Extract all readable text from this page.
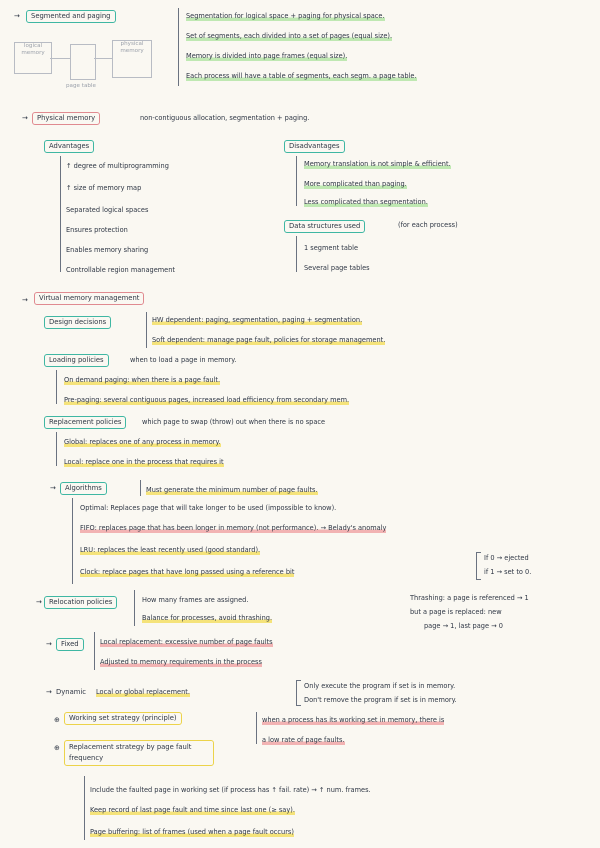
→	Segmented and paging	Segmentation for logical space + paging for physical space.
Set of segments, each divided into a set of pages (equal size).
Memory is divided into page frames (equal size).
Each process will have a table of segments, each segm. a page table.
logical memory
physical memory
page table
→	Physical memory	non-contiguous allocation, segmentation + paging.
Advantages
↑ degree of multiprogramming
↑ size of memory map
Separated logical spaces
Ensures protection
Enables memory sharing
Controllable region management
Disadvantages
Memory translation is not simple & efficient.
More complicated than paging.
Less complicated than segmentation.
Data structures used	(for each process)
1 segment table
Several page tables
→	Virtual memory management
Design decisions	HW dependent: paging, segmentation, paging + segmentation.
Soft dependent: manage page fault, policies for storage management.
Loading policies	when to load a page in memory.
On demand paging: when there is a page fault.
Pre-paging: several contiguous pages, increased load efficiency from secondary mem.
Replacement policies	which page to swap (throw) out when there is no space
Global: replaces one of any process in memory.
Local: replace one in the process that requires it
→	Algorithms	Must generate the minimum number of page faults.
Optimal: Replaces page that will take longer to be used (impossible to know).
FIFO: replaces page that has been longer in memory (not performance). → Belady's anomaly
LRU: replaces the least recently used (good standard).
Clock: replace pages that have long passed using a reference bit
If 0 → ejected
if 1 → set to 0.
→	Relocation policies	How many frames are assigned.
Balance for processes, avoid thrashing.
Thrashing: a page is referenced → 1
but a page is replaced: new
page → 1, last page → 0
→	Fixed	Local replacement: excessive number of page faults
Adjusted to memory requirements in the process
→ Dynamic Local or global replacement.
Only execute the program if set is in memory.
Don't remove the program if set is in memory.
⊕	Working set strategy (principle)	when a process has its working set in memory, there is
a low rate of page faults.
⊕	Replacement strategy by page fault frequency
Include the faulted page in working set (if process has ↑ fail. rate) → ↑ num. frames.
Keep record of last page fault and time since last one (≥ say).
Page buffering: list of frames (used when a page fault occurs)
